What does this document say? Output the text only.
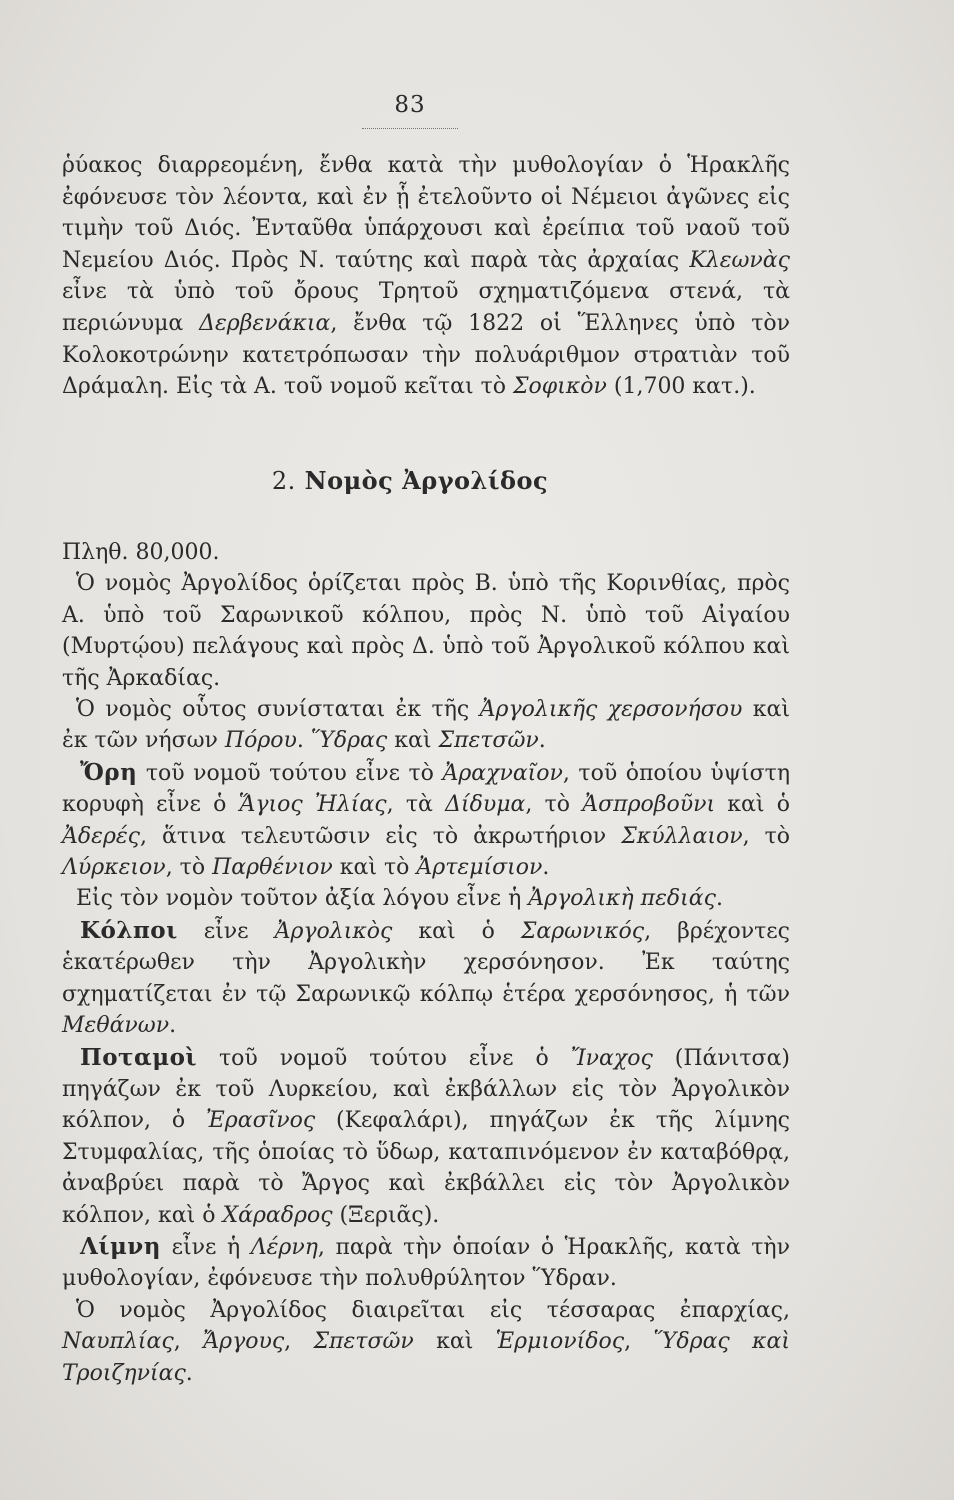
83

ῥύακος διαρρεομένη, ἔνθα κατὰ τὴν μυθολογίαν ὁ Ἡρακλῆς ἐφόνευσε τὸν λέοντα, καὶ ἐν ᾗ ἐτελοῦντο οἱ Νέμειοι ἀγῶνες εἰς τιμὴν τοῦ Διός. Ἐνταῦθα ὑπάρχουσι καὶ ἐρείπια τοῦ ναοῦ τοῦ Νεμείου Διός. Πρὸς Ν. ταύτης καὶ παρὰ τὰς ἀρχαίας Κλεωνὰς εἶνε τὰ ὑπὸ τοῦ ὄρους Τρητοῦ σχηματιζόμενα στενά, τὰ περιώνυμα Δερβενάκια, ἔνθα τῷ 1822 οἱ Ἕλληνες ὑπὸ τὸν Κολοκοτρώνην κατετρόπωσαν τὴν πολυάριθμον στρατιὰν τοῦ Δράμαλη. Εἰς τὰ Α. τοῦ νομοῦ κεῖται τὸ Σοφικὸν (1,700 κατ.).

2. Νομὸς Ἀργολίδος

Πληθ. 80,000.

Ὁ νομὸς Ἀργολίδος ὁρίζεται πρὸς Β. ὑπὸ τῆς Κορινθίας, πρὸς Α. ὑπὸ τοῦ Σαρωνικοῦ κόλπου, πρὸς Ν. ὑπὸ τοῦ Αἰγαίου (Μυρτῴου) πελάγους καὶ πρὸς Δ. ὑπὸ τοῦ Ἀργολικοῦ κόλπου καὶ τῆς Ἀρκαδίας.

Ὁ νομὸς οὗτος συνίσταται ἐκ τῆς Ἀργολικῆς χερσονήσου καὶ ἐκ τῶν νήσων Πόρου. Ὕδρας καὶ Σπετσῶν.

Ὄρη τοῦ νομοῦ τούτου εἶνε τὸ Ἀραχναῖον, τοῦ ὁποίου ὑψίστη κορυφὴ εἶνε ὁ Ἅγιος Ἠλίας, τὰ Δίδυμα, τὸ Ἀσπροβοῦνι καὶ ὁ Ἀδερές, ἅτινα τελευτῶσιν εἰς τὸ ἀκρωτήριον Σκύλλαιον, τὸ Λύρκειον, τὸ Παρθένιον καὶ τὸ Ἀρτεμίσιον.

Εἰς τὸν νομὸν τοῦτον ἀξία λόγου εἶνε ἡ Ἀργολικὴ πεδιάς.

Κόλποι εἶνε Ἀργολικὸς καὶ ὁ Σαρωνικός, βρέχοντες ἑκατέρωθεν τὴν Ἀργολικὴν χερσόνησον. Ἐκ ταύτης σχηματίζεται ἐν τῷ Σαρωνικῷ κόλπῳ ἑτέρα χερσόνησος, ἡ τῶν Μεθάνων.

Ποταμοὶ τοῦ νομοῦ τούτου εἶνε ὁ Ἴναχος (Πάνιτσα) πηγάζων ἐκ τοῦ Λυρκείου, καὶ ἐκβάλλων εἰς τὸν Ἀργολικὸν κόλπον, ὁ Ἐρασῖνος (Κεφαλάρι), πηγάζων ἐκ τῆς λίμνης Στυμφαλίας, τῆς ὁποίας τὸ ὕδωρ, καταπινόμενον ἐν καταβόθρᾳ, ἀναβρύει παρὰ τὸ Ἄργος καὶ ἐκβάλλει εἰς τὸν Ἀργολικὸν κόλπον, καὶ ὁ Χάραδρος (Ξεριᾶς).

Λίμνη εἶνε ἡ Λέρνη, παρὰ τὴν ὁποίαν ὁ Ἡρακλῆς, κατὰ τὴν μυθολογίαν, ἐφόνευσε τὴν πολυθρύλητον Ὕδραν.

Ὁ νομὸς Ἀργολίδος διαιρεῖται εἰς τέσσαρας ἐπαρχίας, Ναυπλίας, Ἄργους, Σπετσῶν καὶ Ἑρμιονίδος, Ὕδρας καὶ Τροιζηνίας.
